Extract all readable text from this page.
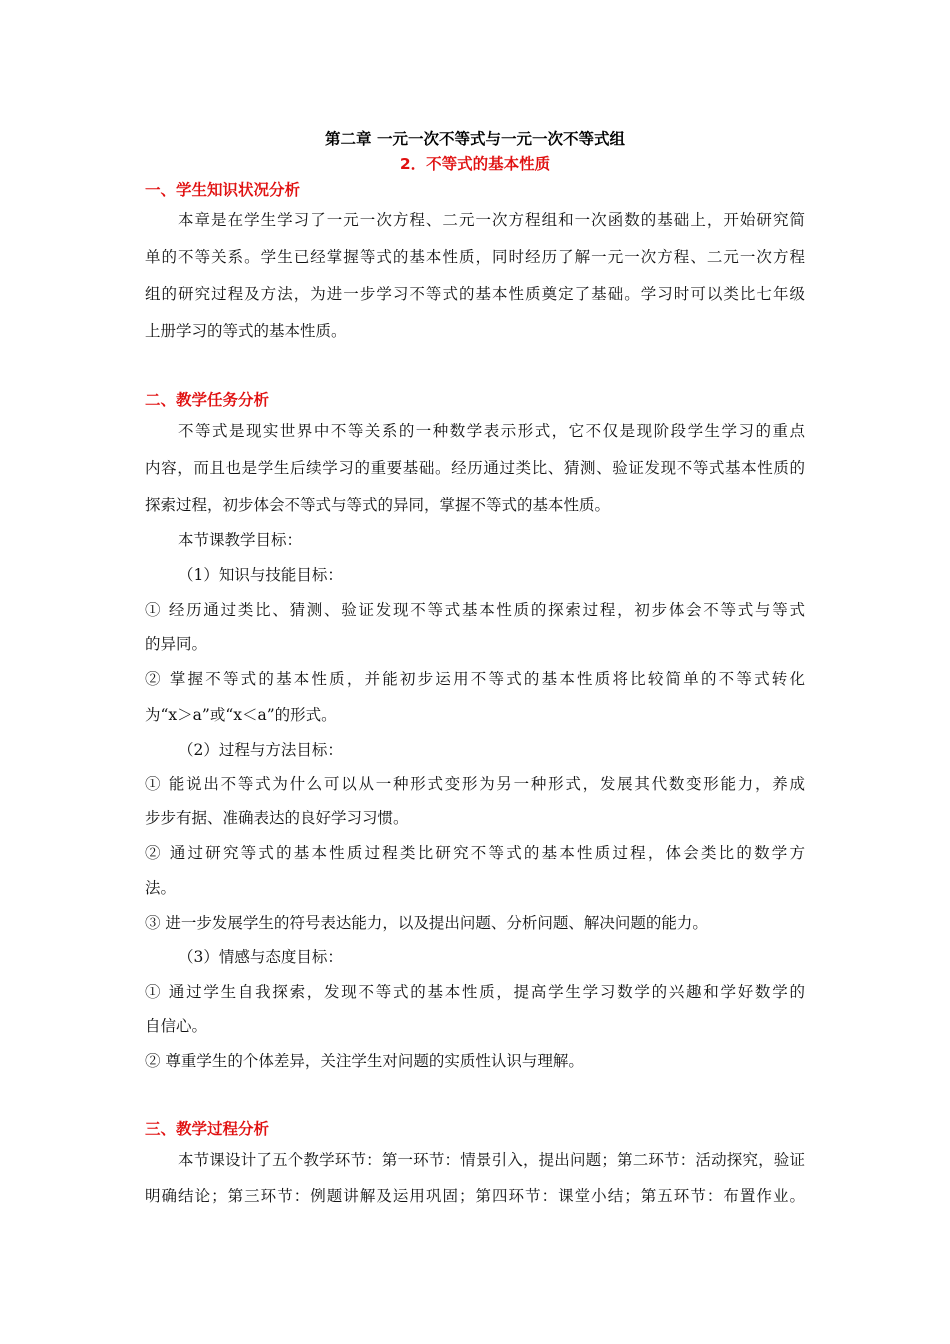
第二章 一元一次不等式与一元一次不等式组
2．不等式的基本性质
一、学生知识状况分析
本章是在学生学习了一元一次方程、二元一次方程组和一次函数的基础上，开始研究简
单的不等关系。学生已经掌握等式的基本性质，同时经历了解一元一次方程、二元一次方程
组的研究过程及方法，为进一步学习不等式的基本性质奠定了基础。学习时可以类比七年级
上册学习的等式的基本性质。
二、教学任务分析
不等式是现实世界中不等关系的一种数学表示形式，它不仅是现阶段学生学习的重点
内容，而且也是学生后续学习的重要基础。经历通过类比、猜测、验证发现不等式基本性质的
探索过程，初步体会不等式与等式的异同，掌握不等式的基本性质。
本节课教学目标：
（1）知识与技能目标：
① 经历通过类比、猜测、验证发现不等式基本性质的探索过程，初步体会不等式与等式
的异同。
② 掌握不等式的基本性质，并能初步运用不等式的基本性质将比较简单的不等式转化
为“x＞a”或“x＜a”的形式。
（2）过程与方法目标：
① 能说出不等式为什么可以从一种形式变形为另一种形式，发展其代数变形能力，养成
步步有据、准确表达的良好学习习惯。
② 通过研究等式的基本性质过程类比研究不等式的基本性质过程，体会类比的数学方
法。
③ 进一步发展学生的符号表达能力，以及提出问题、分析问题、解决问题的能力。
（3）情感与态度目标：
① 通过学生自我探索，发现不等式的基本性质，提高学生学习数学的兴趣和学好数学的
自信心。
② 尊重学生的个体差异，关注学生对问题的实质性认识与理解。
三、教学过程分析
本节课设计了五个教学环节：第一环节：情景引入，提出问题；第二环节：活动探究，验证
明确结论；第三环节：例题讲解及运用巩固；第四环节：课堂小结；第五环节：布置作业。
